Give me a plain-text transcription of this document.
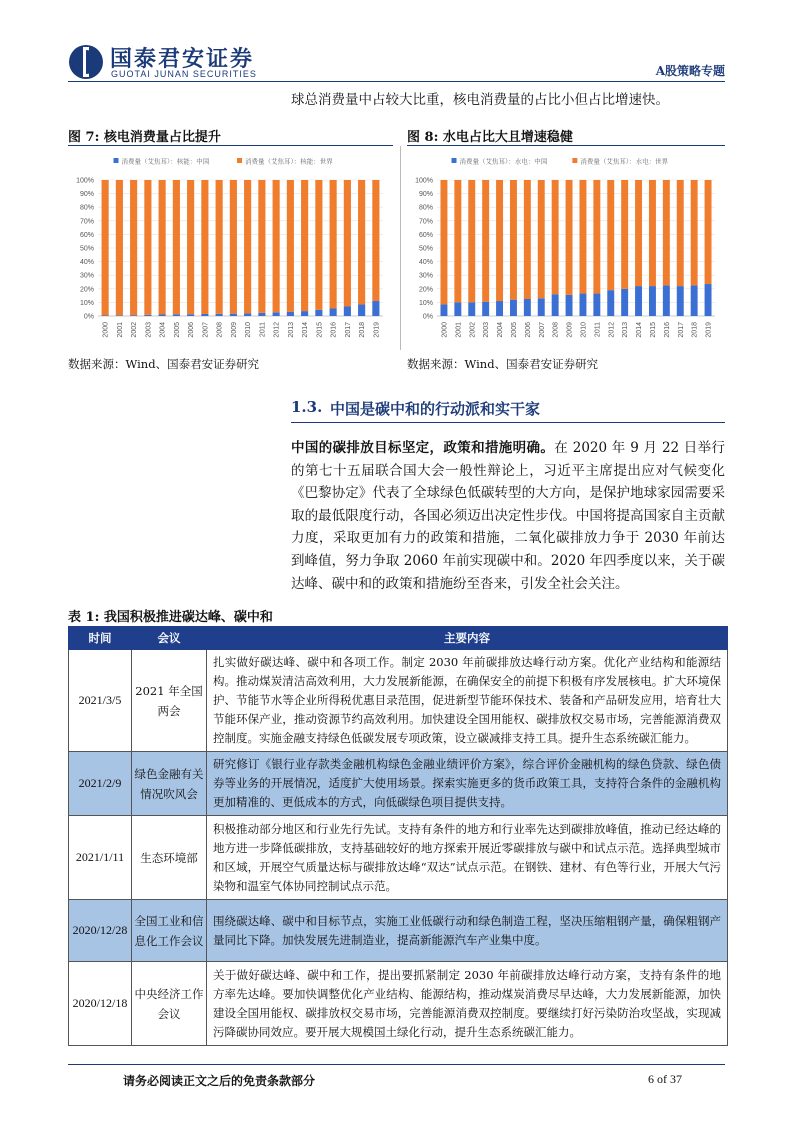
国泰君安证券
GUOTAI JUNAN SECURITIES	A股策略专题
球总消费量中占较大比重，核电消费量的占比小但占比增速快。
图 7: 核电消费量占比提升
消费量（艾焦耳）：核能：中国	消费量（艾焦耳）：核能：世界
0%
10%
20%
30%
40%
50%
60%
70%
80%
90%
100%
2000 2001 2002 2003 2004 2005 2006 2007 2008 2009 2010 2011 2012 2013 2014 2015 2016 2017 2018 2019
数据来源：Wind、国泰君安证券研究
图 8: 水电占比大且增速稳健
消费量（艾焦耳）：水电：中国	消费量（艾焦耳）：水电：世界
0%
10%
20%
30%
40%
50%
60%
70%
80%
90%
100%
2000 2001 2002 2003 2004 2005 2006 2007 2008 2009 2010 2011 2012 2013 2014 2015 2016 2017 2018 2019
数据来源：Wind、国泰君安证券研究
1.3. 中国是碳中和的行动派和实干家
中国的碳排放目标坚定，政策和措施明确。在 2020 年 9 月 22 日举行的第七十五届联合国大会一般性辩论上，习近平主席提出应对气候变化《巴黎协定》代表了全球绿色低碳转型的大方向，是保护地球家园需要采取的最低限度行动，各国必须迈出决定性步伐。中国将提高国家自主贡献力度，采取更加有力的政策和措施，二氧化碳排放力争于 2030 年前达到峰值，努力争取 2060 年前实现碳中和。2020 年四季度以来，关于碳达峰、碳中和的政策和措施纷至沓来，引发全社会关注。
表 1: 我国积极推进碳达峰、碳中和
时间	会议	主要内容
2021/3/5	2021 年全国两会	扎实做好碳达峰、碳中和各项工作。制定 2030 年前碳排放达峰行动方案。优化产业结构和能源结构。推动煤炭清洁高效利用，大力发展新能源，在确保安全的前提下积极有序发展核电。扩大环境保护、节能节水等企业所得税优惠目录范围，促进新型节能环保技术、装备和产品研发应用，培育壮大节能环保产业，推动资源节约高效利用。加快建设全国用能权、碳排放权交易市场，完善能源消费双控制度。实施金融支持绿色低碳发展专项政策，设立碳减排支持工具。提升生态系统碳汇能力。
2021/2/9	绿色金融有关情况吹风会	研究修订《银行业存款类金融机构绿色金融业绩评价方案》，综合评价金融机构的绿色贷款、绿色债券等业务的开展情况，适度扩大使用场景。探索实施更多的货币政策工具，支持符合条件的金融机构更加精准的、更低成本的方式，向低碳绿色项目提供支持。
2021/1/11	生态环境部	积极推动部分地区和行业先行先试。支持有条件的地方和行业率先达到碳排放峰值，推动已经达峰的地方进一步降低碳排放，支持基础较好的地方探索开展近零碳排放与碳中和试点示范。选择典型城市和区域，开展空气质量达标与碳排放达峰“双达”试点示范。在钢铁、建材、有色等行业，开展大气污染物和温室气体协同控制试点示范。
2020/12/28	全国工业和信息化工作会议	围绕碳达峰、碳中和目标节点，实施工业低碳行动和绿色制造工程，坚决压缩粗钢产量，确保粗钢产量同比下降。加快发展先进制造业，提高新能源汽车产业集中度。
2020/12/18	中央经济工作会议	关于做好碳达峰、碳中和工作，提出要抓紧制定 2030 年前碳排放达峰行动方案，支持有条件的地方率先达峰。要加快调整优化产业结构、能源结构，推动煤炭消费尽早达峰，大力发展新能源，加快建设全国用能权、碳排放权交易市场，完善能源消费双控制度。要继续打好污染防治攻坚战，实现减污降碳协同效应。要开展大规模国土绿化行动，提升生态系统碳汇能力。
请务必阅读正文之后的免责条款部分	6 of 37
